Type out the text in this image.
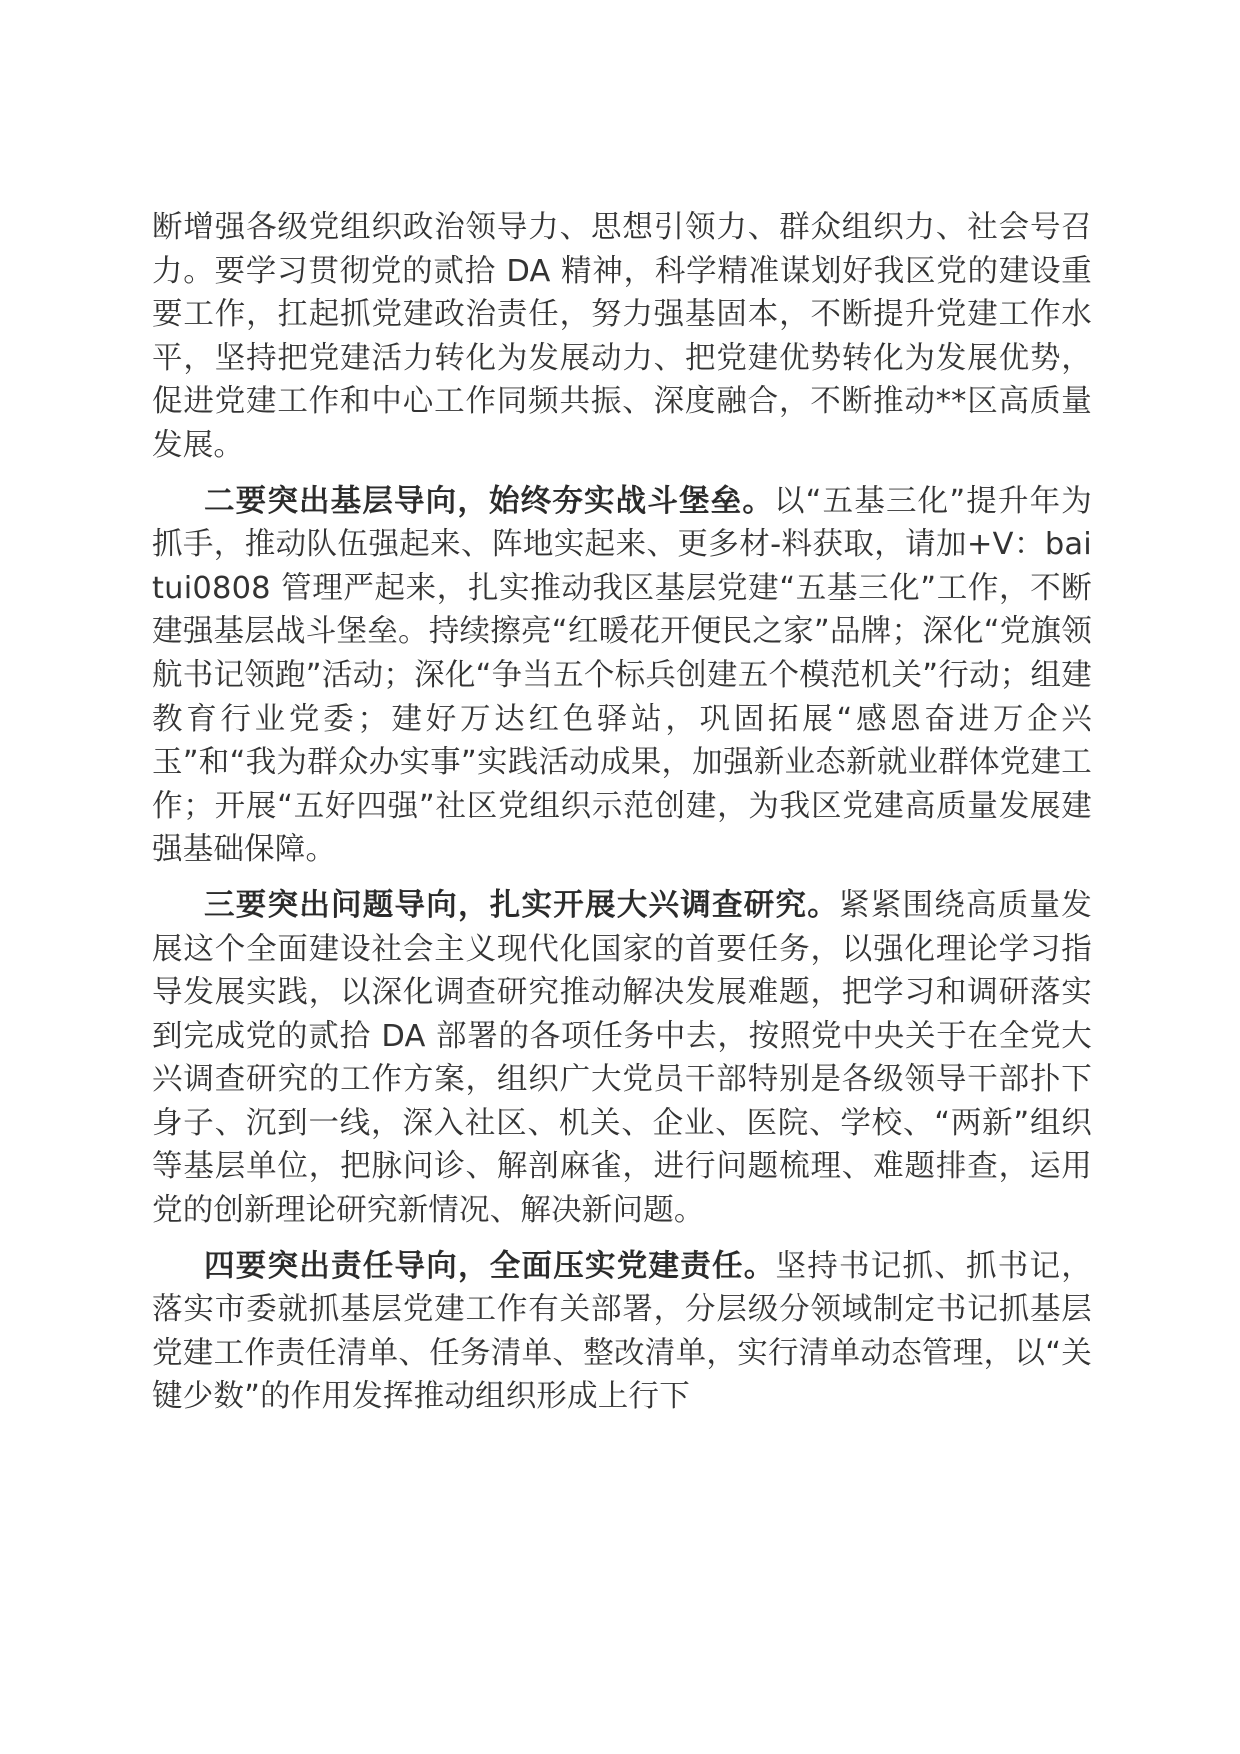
断增强各级党组织政治领导力、思想引领力、群众组织力、社会号召力。要学习贯彻党的贰拾 DA 精神，科学精准谋划好我区党的建设重要工作，扛起抓党建政治责任，努力强基固本，不断提升党建工作水平，坚持把党建活力转化为发展动力、把党建优势转化为发展优势，促进党建工作和中心工作同频共振、深度融合，不断推动**区高质量发展。

二要突出基层导向，始终夯实战斗堡垒。以“五基三化”提升年为抓手，推动队伍强起来、阵地实起来、更多材-料获取，请加+V：baitui0808 管理严起来，扎实推动我区基层党建“五基三化”工作，不断建强基层战斗堡垒。持续擦亮“红暖花开便民之家”品牌；深化“党旗领航书记领跑”活动；深化“争当五个标兵创建五个模范机关”行动；组建教育行业党委；建好万达红色驿站，巩固拓展“感恩奋进万企兴玉”和“我为群众办实事”实践活动成果，加强新业态新就业群体党建工作；开展“五好四强”社区党组织示范创建，为我区党建高质量发展建强基础保障。

三要突出问题导向，扎实开展大兴调查研究。紧紧围绕高质量发展这个全面建设社会主义现代化国家的首要任务，以强化理论学习指导发展实践，以深化调查研究推动解决发展难题，把学习和调研落实到完成党的贰拾 DA 部署的各项任务中去，按照党中央关于在全党大兴调查研究的工作方案，组织广大党员干部特别是各级领导干部扑下身子、沉到一线，深入社区、机关、企业、医院、学校、“两新”组织等基层单位，把脉问诊、解剖麻雀，进行问题梳理、难题排查，运用党的创新理论研究新情况、解决新问题。

四要突出责任导向，全面压实党建责任。坚持书记抓、抓书记，落实市委就抓基层党建工作有关部署，分层级分领域制定书记抓基层党建工作责任清单、任务清单、整改清单，实行清单动态管理，以“关键少数”的作用发挥推动组织形成上行下
